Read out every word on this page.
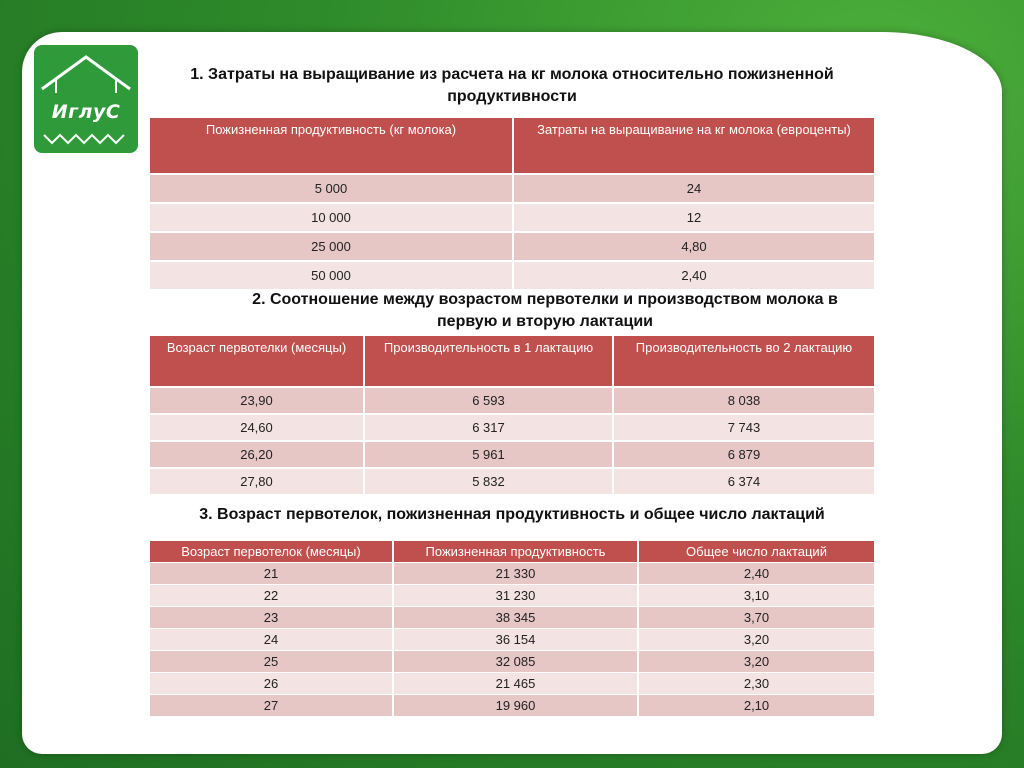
ИглуС
1. Затраты на выращивание из расчета на кг молока относительно пожизненной
продуктивности
Пожизненная продуктивность (кг молока)	Затраты на выращивание на кг молока (евроценты)
5 000	24
10 000	12
25 000	4,80
50 000	2,40
2. Соотношение между возрастом первотелки и производством молока в
первую и вторую лактации
Возраст первотелки (месяцы)	Производительность в 1 лактацию	Производительность во 2 лактацию
23,90	6 593	8 038
24,60	6 317	7 743
26,20	5 961	6 879
27,80	5 832	6 374
3. Возраст первотелок, пожизненная продуктивность и общее число лактаций
Возраст первотелок (месяцы)	Пожизненная продуктивность	Общее число лактаций
21	21 330	2,40
22	31 230	3,10
23	38 345	3,70
24	36 154	3,20
25	32 085	3,20
26	21 465	2,30
27	19 960	2,10
